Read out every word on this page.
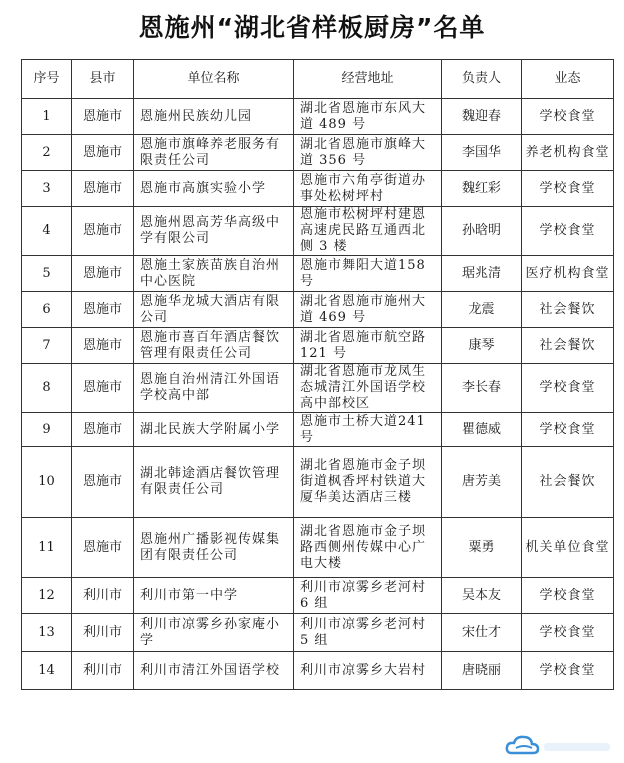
恩施州“湖北省样板厨房”名单
序号	县市	单位名称	经营地址	负责人	业态
1	恩施市	恩施州民族幼儿园	湖北省恩施市东风大道 489 号	魏迎春	学校食堂
2	恩施市	恩施市旗峰养老服务有限责任公司	湖北省恩施市旗峰大道 356 号	李国华	养老机构食堂
3	恩施市	恩施市高旗实验小学	恩施市六角亭街道办事处松树坪村	魏红彩	学校食堂
4	恩施市	恩施州恩高芳华高级中学有限公司	恩施市松树坪村建恩高速虎民路互通西北侧 3 楼	孙晗明	学校食堂
5	恩施市	恩施土家族苗族自治州中心医院	恩施市舞阳大道158 号	琚兆清	医疗机构食堂
6	恩施市	恩施华龙城大酒店有限公司	湖北省恩施市施州大道 469 号	龙震	社会餐饮
7	恩施市	恩施市喜百年酒店餐饮管理有限责任公司	湖北省恩施市航空路 121 号	康琴	社会餐饮
8	恩施市	恩施自治州清江外国语学校高中部	湖北省恩施市龙凤生态城清江外国语学校高中部校区	李长春	学校食堂
9	恩施市	湖北民族大学附属小学	恩施市土桥大道241 号	瞿德威	学校食堂
10	恩施市	湖北韩途酒店餐饮管理有限责任公司	湖北省恩施市金子坝街道枫香坪村铁道大厦华美达酒店三楼	唐芳美	社会餐饮
11	恩施市	恩施州广播影视传媒集团有限责任公司	湖北省恩施市金子坝路西侧州传媒中心广电大楼	粟勇	机关单位食堂
12	利川市	利川市第一中学	利川市凉雾乡老河村 6 组	吴本友	学校食堂
13	利川市	利川市凉雾乡孙家庵小学	利川市凉雾乡老河村 5 组	宋仕才	学校食堂
14	利川市	利川市清江外国语学校	利川市凉雾乡大岩村	唐晓丽	学校食堂
